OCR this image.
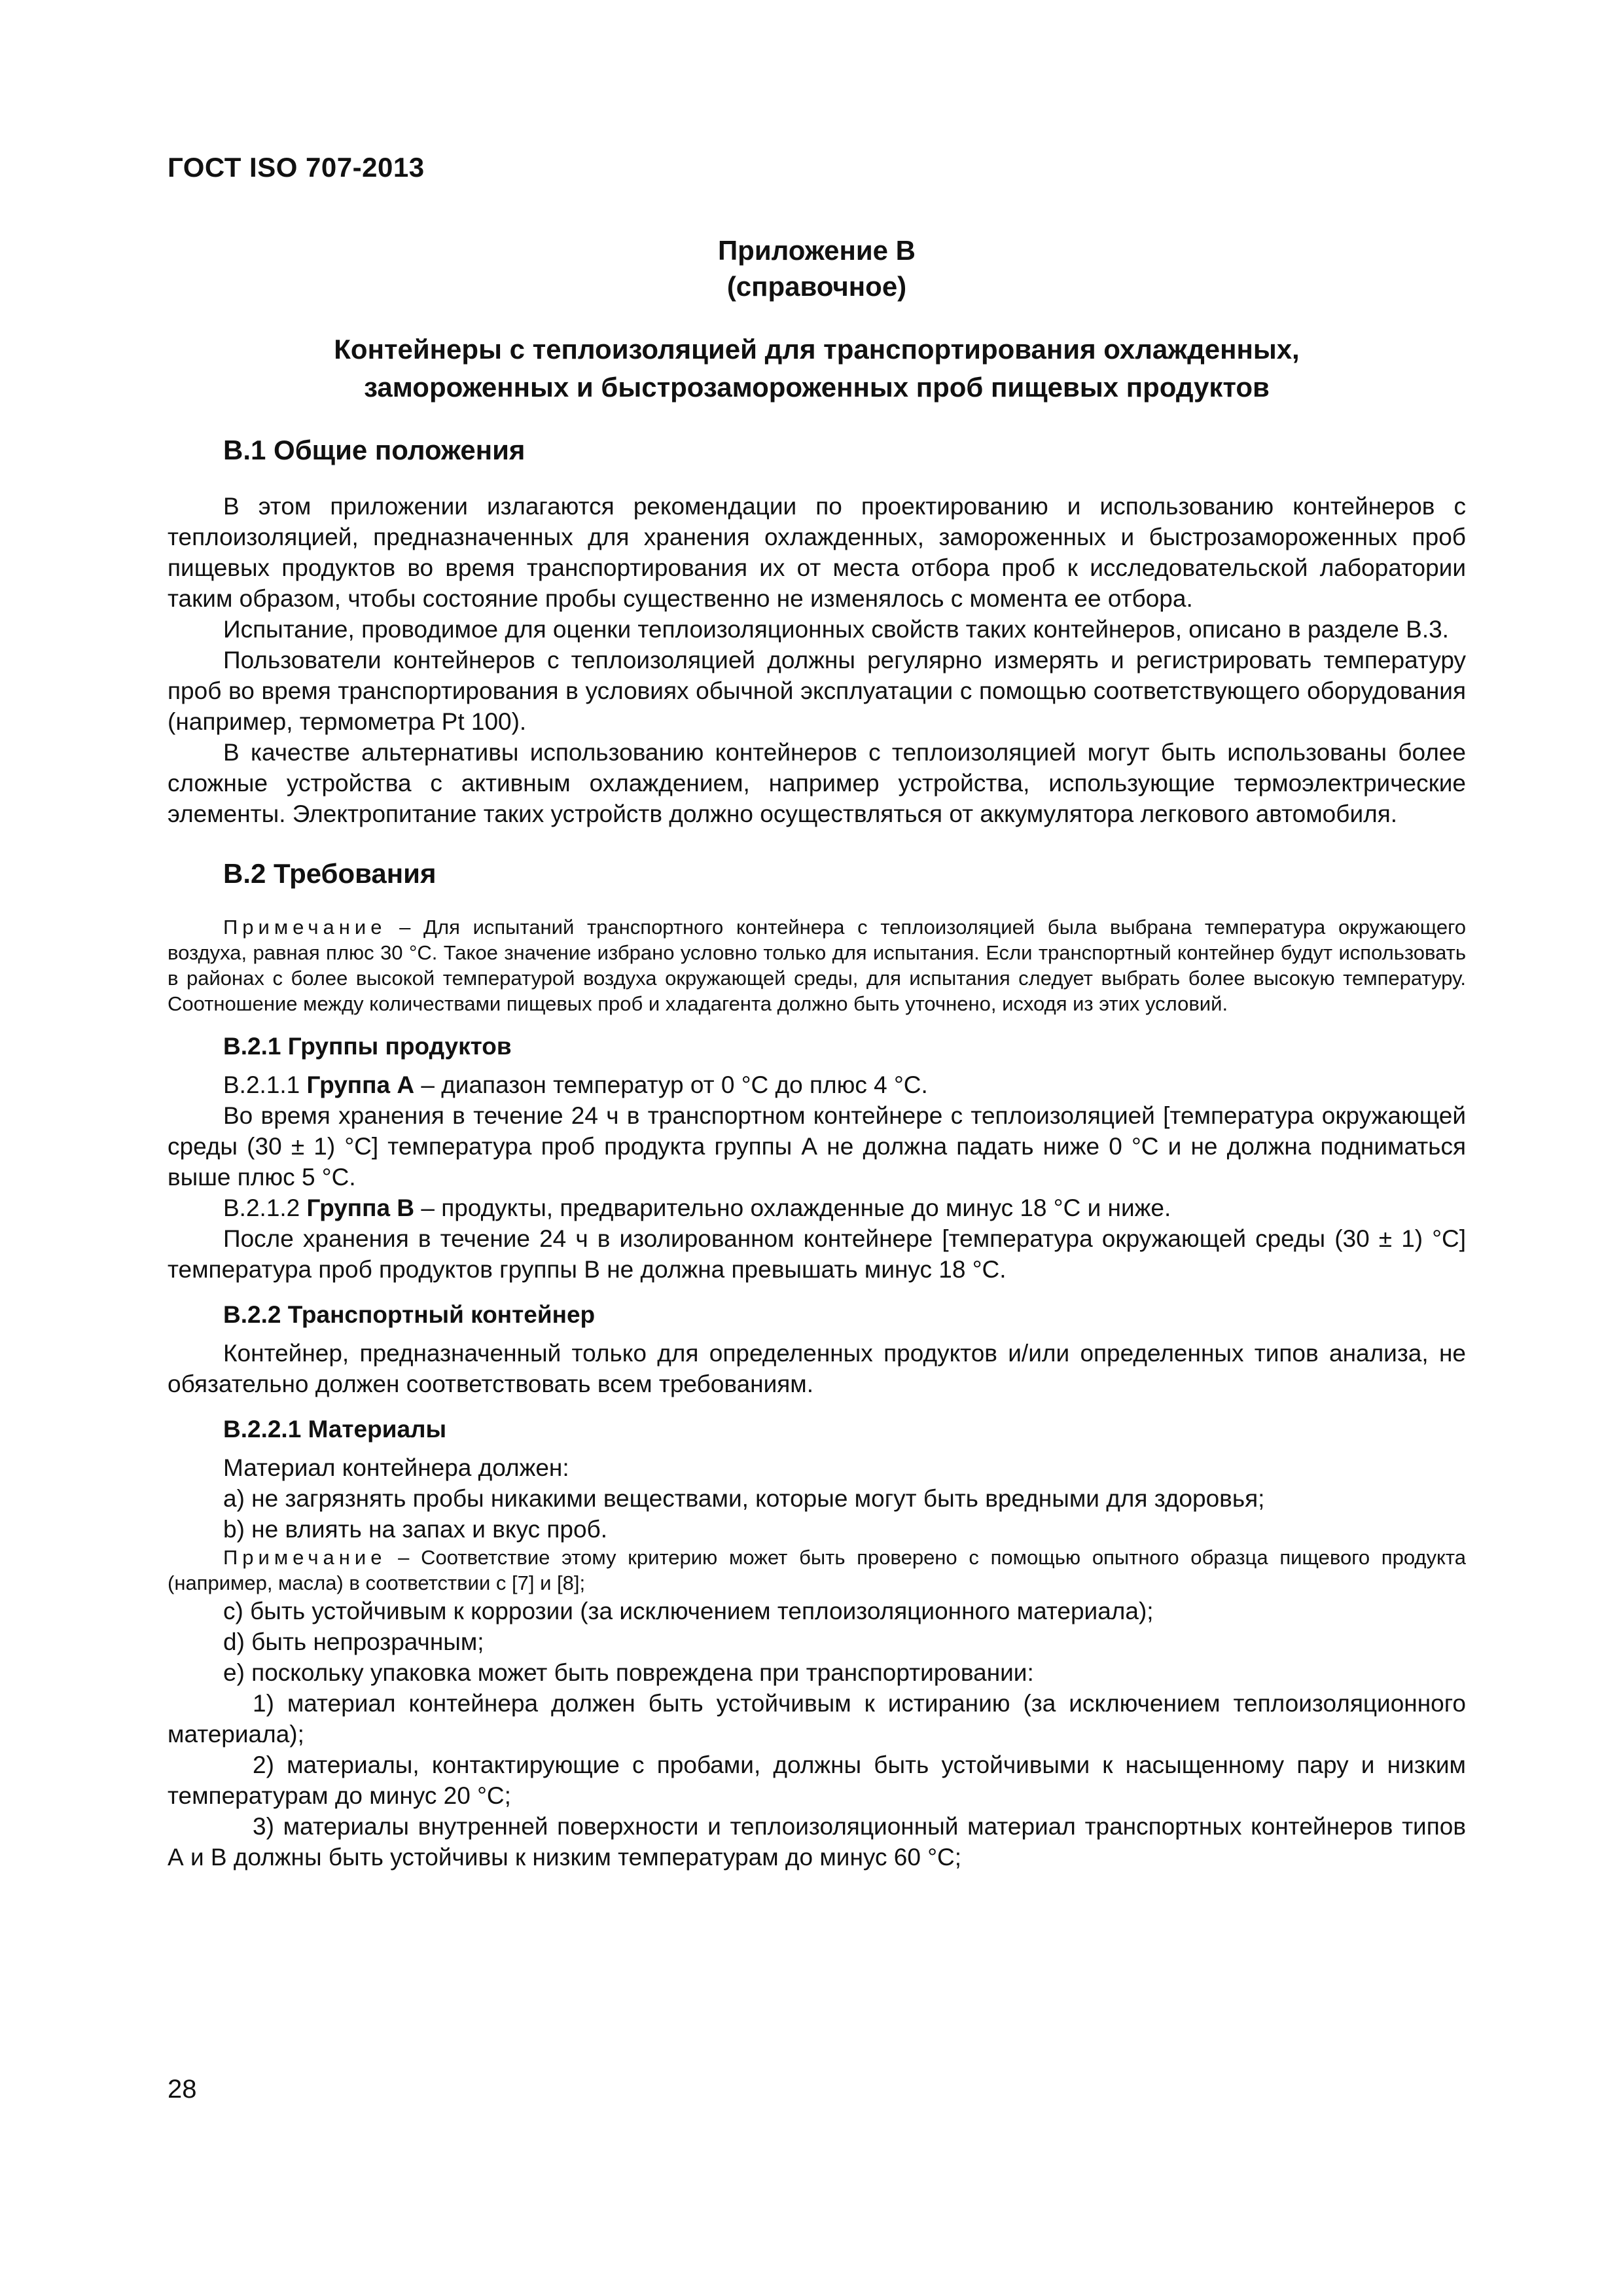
ГОСТ ISO 707-2013
Приложение В
(справочное)
Контейнеры с теплоизоляцией для транспортирования охлажденных,
замороженных и быстрозамороженных проб пищевых продуктов
В.1 Общие положения

В этом приложении излагаются рекомендации по проектированию и использованию контейнеров с теплоизоляцией, предназначенных для хранения охлажденных, замороженных и быстрозамороженных проб пищевых продуктов во время транспортирования их от места отбора проб к исследовательской лаборатории таким образом, чтобы состояние пробы существенно не изменялось с момента ее отбора.

Испытание, проводимое для оценки теплоизоляционных свойств таких контейнеров, описано в разделе В.3.

Пользователи контейнеров с теплоизоляцией должны регулярно измерять и регистрировать температуру проб во время транспортирования в условиях обычной эксплуатации с помощью соответствующего оборудования (например, термометра Pt 100).

В качестве альтернативы использованию контейнеров с теплоизоляцией могут быть использованы более сложные устройства с активным охлаждением, например устройства, использующие термоэлектрические элементы. Электропитание таких устройств должно осуществляться от аккумулятора легкового автомобиля.

В.2 Требования

Примечание – Для испытаний транспортного контейнера с теплоизоляцией была выбрана температура окружающего воздуха, равная плюс 30 °С. Такое значение избрано условно только для испытания. Если транспортный контейнер будут использовать в районах с более высокой температурой воздуха окружающей среды, для испытания следует выбрать более высокую температуру. Соотношение между количествами пищевых проб и хладагента должно быть уточнено, исходя из этих условий.

В.2.1 Группы продуктов

В.2.1.1 Группа А – диапазон температур от 0 °С до плюс 4 °С.

Во время хранения в течение 24 ч в транспортном контейнере с теплоизоляцией [температура окружающей среды (30 ± 1) °С] температура проб продукта группы А не должна падать ниже 0 °С и не должна подниматься выше плюс 5 °С.

В.2.1.2 Группа В – продукты, предварительно охлажденные до минус 18 °С и ниже.

После хранения в течение 24 ч в изолированном контейнере [температура окружающей среды (30 ± 1) °С] температура проб продуктов группы В не должна превышать минус 18 °С.

В.2.2 Транспортный контейнер

Контейнер, предназначенный только для определенных продуктов и/или определенных типов анализа, не обязательно должен соответствовать всем требованиям.

В.2.2.1 Материалы

Материал контейнера должен:

а) не загрязнять пробы никакими веществами, которые могут быть вредными для здоровья;

b) не влиять на запах и вкус проб.

Примечание – Соответствие этому критерию может быть проверено с помощью опытного образца пищевого продукта (например, масла) в соответствии с [7] и [8];

с) быть устойчивым к коррозии (за исключением теплоизоляционного материала);

d) быть непрозрачным;

е) поскольку упаковка может быть повреждена при транспортировании:

1) материал контейнера должен быть устойчивым к истиранию (за исключением теплоизоляционного материала);

2) материалы, контактирующие с пробами, должны быть устойчивыми к насыщенному пару и низким температурам до минус 20 °С;

3) материалы внутренней поверхности и теплоизоляционный материал транспортных контейнеров типов А и В должны быть устойчивы к низким температурам до минус 60 °С;

28
